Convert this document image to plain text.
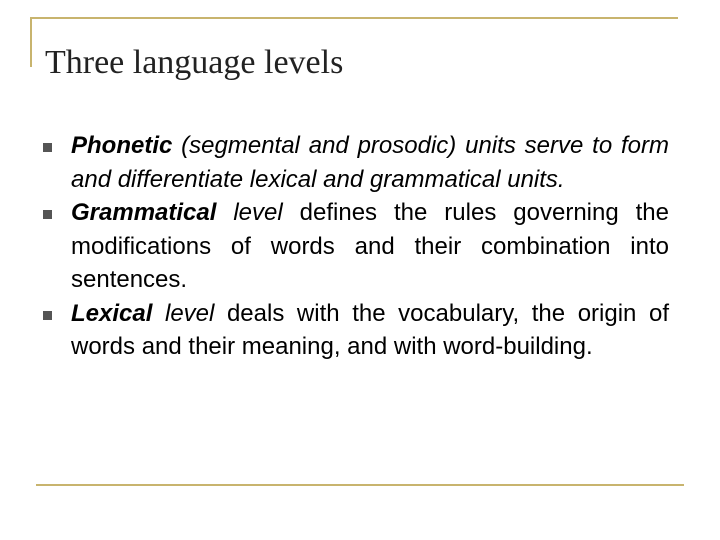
Three language levels
Phonetic (segmental and prosodic) units serve to form and differentiate lexical and grammatical units.
Grammatical level defines the rules governing the modifications of words and their combination into sentences.
Lexical level deals with the vocabulary, the origin of words and their meaning, and with word-building.
